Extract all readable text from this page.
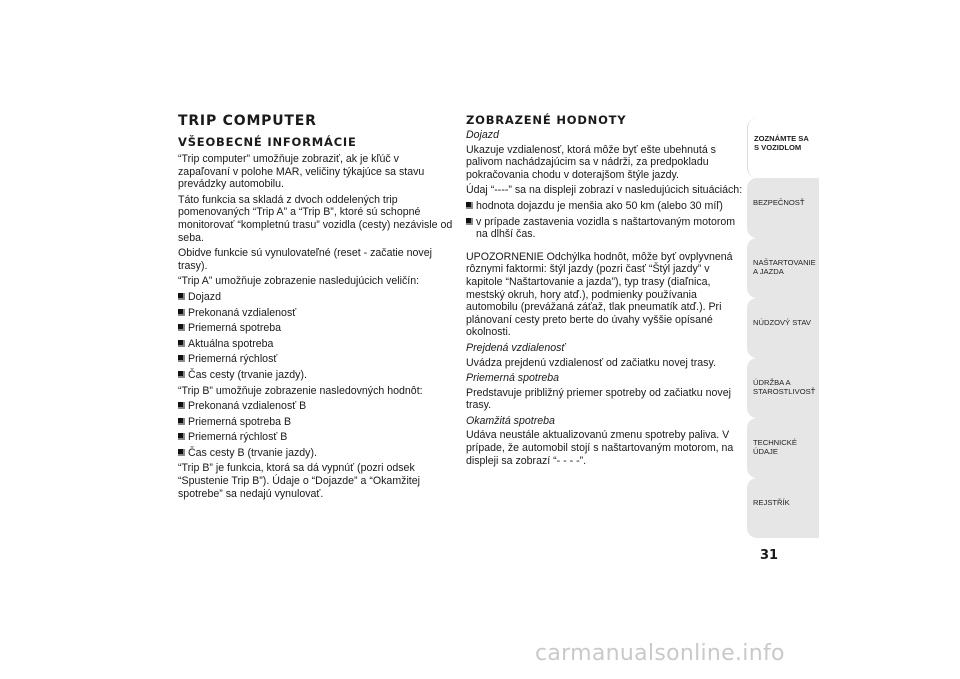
TRIP COMPUTER
VŠEOBECNÉ INFORMÁCIE
“Trip computer” umožňuje zobraziť, ak je kľúč v zapaľovaní v polohe MAR, veličiny týkajúce sa stavu prevádzky automobilu.
Táto funkcia sa skladá z dvoch oddelených trip pomenovaných “Trip A” a “Trip B”, ktoré sú schopné monitorovať “kompletnú trasu” vozidla (cesty) nezávisle od seba.
Obidve funkcie sú vynulovateľné (reset - začatie novej trasy).
“Trip A” umožňuje zobrazenie nasledujúcich veličín:
Dojazd
Prekonaná vzdialenosť
Priemerná spotreba
Aktuálna spotreba
Priemerná rýchlosť
Čas cesty (trvanie jazdy).
“Trip B” umožňuje zobrazenie nasledovných hodnôt:
Prekonaná vzdialenosť B
Priemerná spotreba B
Priemerná rýchlosť B
Čas cesty B (trvanie jazdy).
“Trip B” je funkcia, ktorá sa dá vypnúť (pozri odsek “Spustenie Trip B”). Údaje o “Dojazde” a “Okamžitej spotrebe” sa nedajú vynulovať.
ZOBRAZENÉ HODNOTY
Dojazd
Ukazuje vzdialenosť, ktorá môže byť ešte ubehnutá s palivom nachádzajúcim sa v nádrži, za predpokladu pokračovania chodu v doterajšom štýle jazdy.
Údaj “----” sa na displeji zobrazí v nasledujúcich situáciách:
hodnota dojazdu je menšia ako 50 km (alebo 30 míľ)
v prípade zastavenia vozidla s naštartovaným motorom na dlhší čas.
UPOZORNENIE Odchýlka hodnôt, môže byť ovplyvnená rôznymi faktormi: štýl jazdy (pozri časť “Štýl jazdy” v kapitole “Naštartovanie a jazda”), typ trasy (diaľnica, mestský okruh, hory atď.), podmienky používania automobilu (prevážaná záťaž, tlak pneumatík atď.). Pri plánovaní cesty preto berte do úvahy vyššie opísané okolnosti.
Prejdená vzdialenosť
Uvádza prejdenú vzdialenosť od začiatku novej trasy.
Priemerná spotreba
Predstavuje približný priemer spotreby od začiatku novej trasy.
Okamžitá spotreba
Udáva neustále aktualizovanú zmenu spotreby paliva. V prípade, že automobil stojí s naštartovaným motorom, na displeji sa zobrazí “- - - -”.
ZOZNÁMTE SA S VOZIDLOM
BEZPEČNOSŤ
NAŠTARTOVANIE A JAZDA
NÚDZOVÝ STAV
ÚDRŽBA A STAROSTLIVOSŤ
TECHNICKÉ ÚDAJE
REJSTŘÍK
31
carmanualsonline.info
